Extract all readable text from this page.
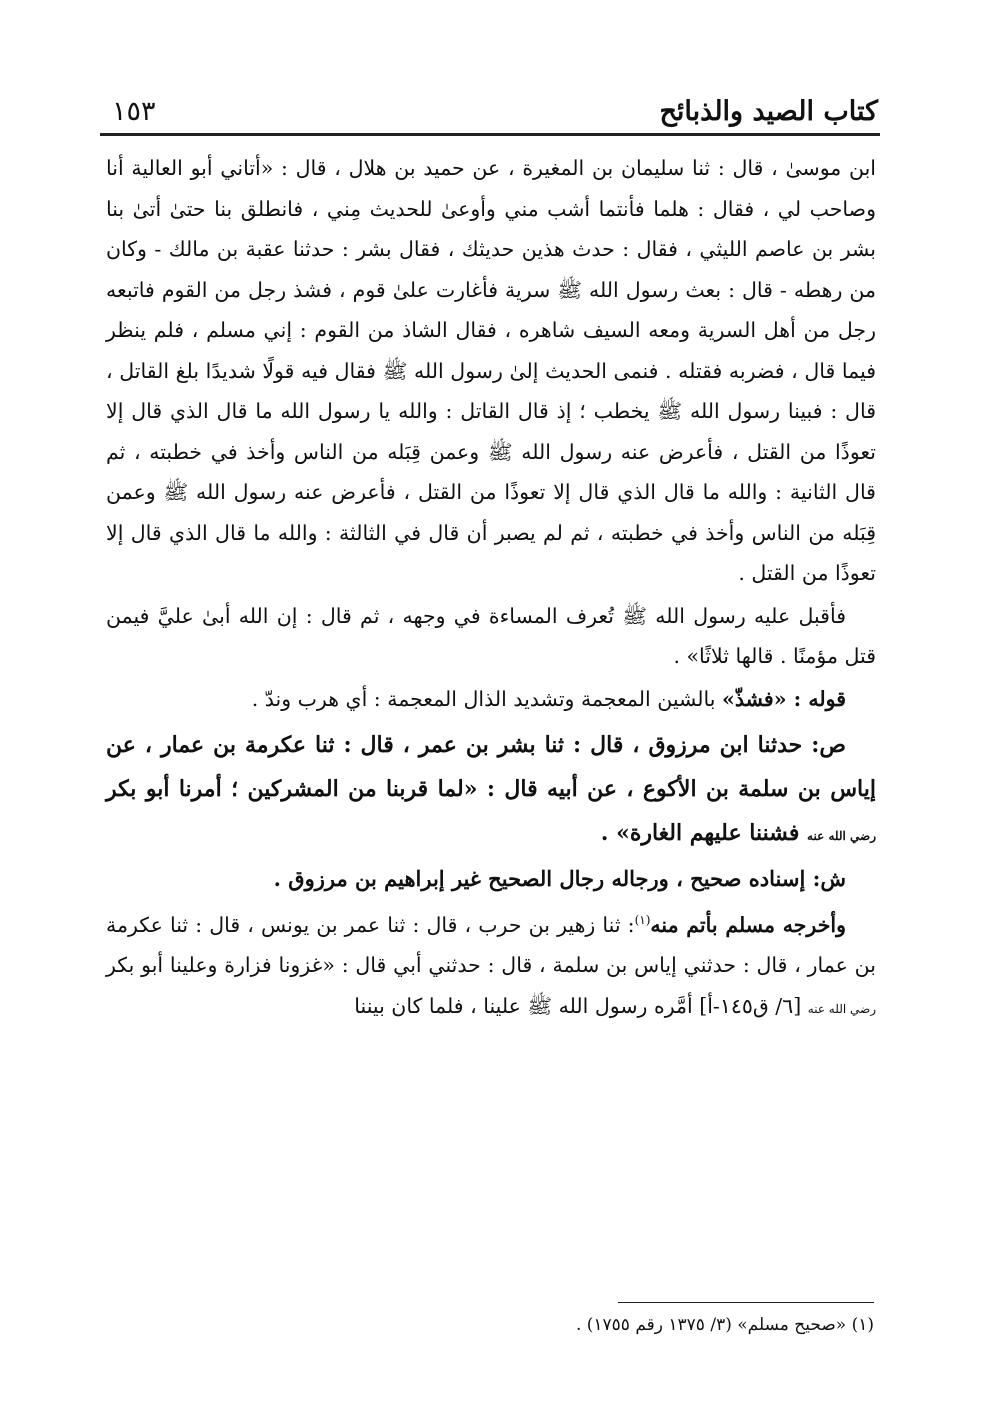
كتاب الصيد والذبائح
١٥٣

ابن موسىٰ ، قال : ثنا سليمان بن المغيرة ، عن حميد بن هلال ، قال : «أتاني أبو العالية أنا وصاحب لي ، فقال : هلما فأنتما أشب مني وأوعىٰ للحديث مِني ، فانطلق بنا حتىٰ أتىٰ بنا بشر بن عاصم الليثي ، فقال : حدث هذين حديثك ، فقال بشر : حدثنا عقبة بن مالك - وكان من رهطه - قال : بعث رسول الله ﷺ سرية فأغارت علىٰ قوم ، فشذ رجل من القوم فاتبعه رجل من أهل السرية ومعه السيف شاهره ، فقال الشاذ من القوم : إني مسلم ، فلم ينظر فيما قال ، فضربه فقتله . فنمى الحديث إلىٰ رسول الله ﷺ فقال فيه قولًا شديدًا بلغ القاتل ، قال : فبينا رسول الله ﷺ يخطب ؛ إذ قال القاتل : والله يا رسول الله ما قال الذي قال إلا تعوذًا من القتل ، فأعرض عنه رسول الله ﷺ وعمن قِبَله من الناس وأخذ في خطبته ، ثم قال الثانية : والله ما قال الذي قال إلا تعوذًا من القتل ، فأعرض عنه رسول الله ﷺ وعمن قِبَله من الناس وأخذ في خطبته ، ثم لم يصبر أن قال في الثالثة : والله ما قال الذي قال إلا تعوذًا من القتل .

فأقبل عليه رسول الله ﷺ تُعرف المساءة في وجهه ، ثم قال : إن الله أبىٰ عليَّ فيمن قتل مؤمنًا . قالها ثلاثًا» .

قوله : «فشذّ» بالشين المعجمة وتشديد الذال المعجمة : أي هرب وندّ .

ص: حدثنا ابن مرزوق ، قال : ثنا بشر بن عمر ، قال : ثنا عكرمة بن عمار ، عن إياس بن سلمة بن الأكوع ، عن أبيه قال : «لما قربنا من المشركين ؛ أمرنا أبو بكر رضي الله عنه فشننا عليهم الغارة» .

ش: إسناده صحيح ، ورجاله رجال الصحيح غير إبراهيم بن مرزوق .

وأخرجه مسلم بأتم منه$^{(١)}$: ثنا زهير بن حرب ، قال : ثنا عمر بن يونس ، قال : ثنا عكرمة بن عمار ، قال : حدثني إياس بن سلمة ، قال : حدثني أبي قال : «غزونا فزارة وعلينا أبو بكر رضي الله عنه [٦/ ق١٤٥-أ] أمَّره رسول الله ﷺ علينا ، فلما كان بيننا

(١) «صحيح مسلم» (٣/ ١٣٧٥ رقم ١٧٥٥) .
